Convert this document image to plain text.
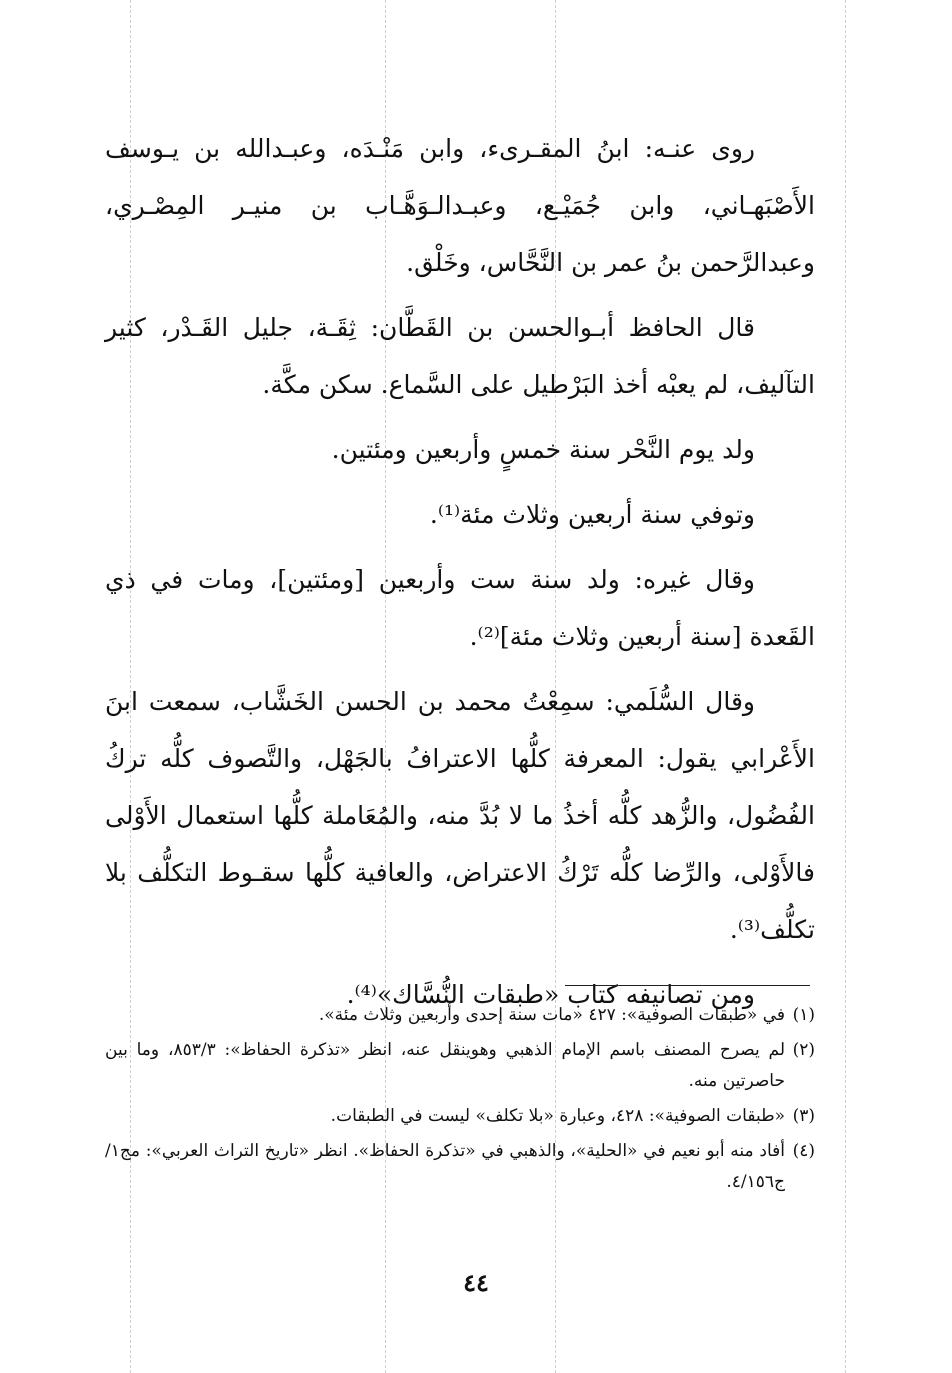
روى عنـه: ابنُ المقـرىء، وابن مَنْـدَه، وعبـدالله بن يـوسف الأَصْبَهـاني، وابن جُمَيْـع، وعبـدالـوَهَّـاب بن منيـر المِصْـري، وعبدالرَّحمن بنُ عمر بن النَّحَّاس، وخَلْق.

قال الحافظ أبـوالحسن بن القَطَّان: ثِقَـة، جليل القَـدْر، كثير التآليف، لم يعبْه أخذ البَرْطيل على السَّماع. سكن مكَّة.

ولد يوم النَّحْر سنة خمسٍ وأربعين ومئتين.

وتوفي سنة أربعين وثلاث مئة⁽¹⁾.

وقال غيره: ولد سنة ست وأربعين [ومئتين]، ومات في ذي القَعدة [سنة أربعين وثلاث مئة]⁽²⁾.

وقال السُّلَمي: سمِعْتُ محمد بن الحسن الخَشَّاب، سمعت ابنَ الأَعْرابي يقول: المعرفة كلُّها الاعترافُ بالجَهْل، والتَّصوف كلُّه تركُ الفُضُول، والزُّهد كلُّه أخذُ ما لا بُدَّ منه، والمُعَاملة كلُّها استعمال الأَوْلى فالأَوْلى، والرِّضا كلُّه تَرْكُ الاعتراض، والعافية كلُّها سقـوط التكلُّف بلا تكلُّف⁽³⁾.

ومن تصانيفه كتاب «طبقات النُّسَّاك»⁽⁴⁾.

(١)في «طبقات الصوفية»: ٤٢٧ «مات سنة إحدى وأربعين وثلاث مئة».

(٢)لم يصرح المصنف باسم الإمام الذهبي وهوينقل عنه، انظر «تذكرة الحفاظ»: ٨٥٣/٣، وما بين حاصرتين منه.

(٣)«طبقات الصوفية»: ٤٢٨، وعبارة «بلا تكلف» ليست في الطبقات.

(٤)أفاد منه أبو نعيم في «الحلية»، والذهبي في «تذكرة الحفاظ». انظر «تاريخ التراث العربي»: مج١/ج٤/١٥٦.

٤٤
